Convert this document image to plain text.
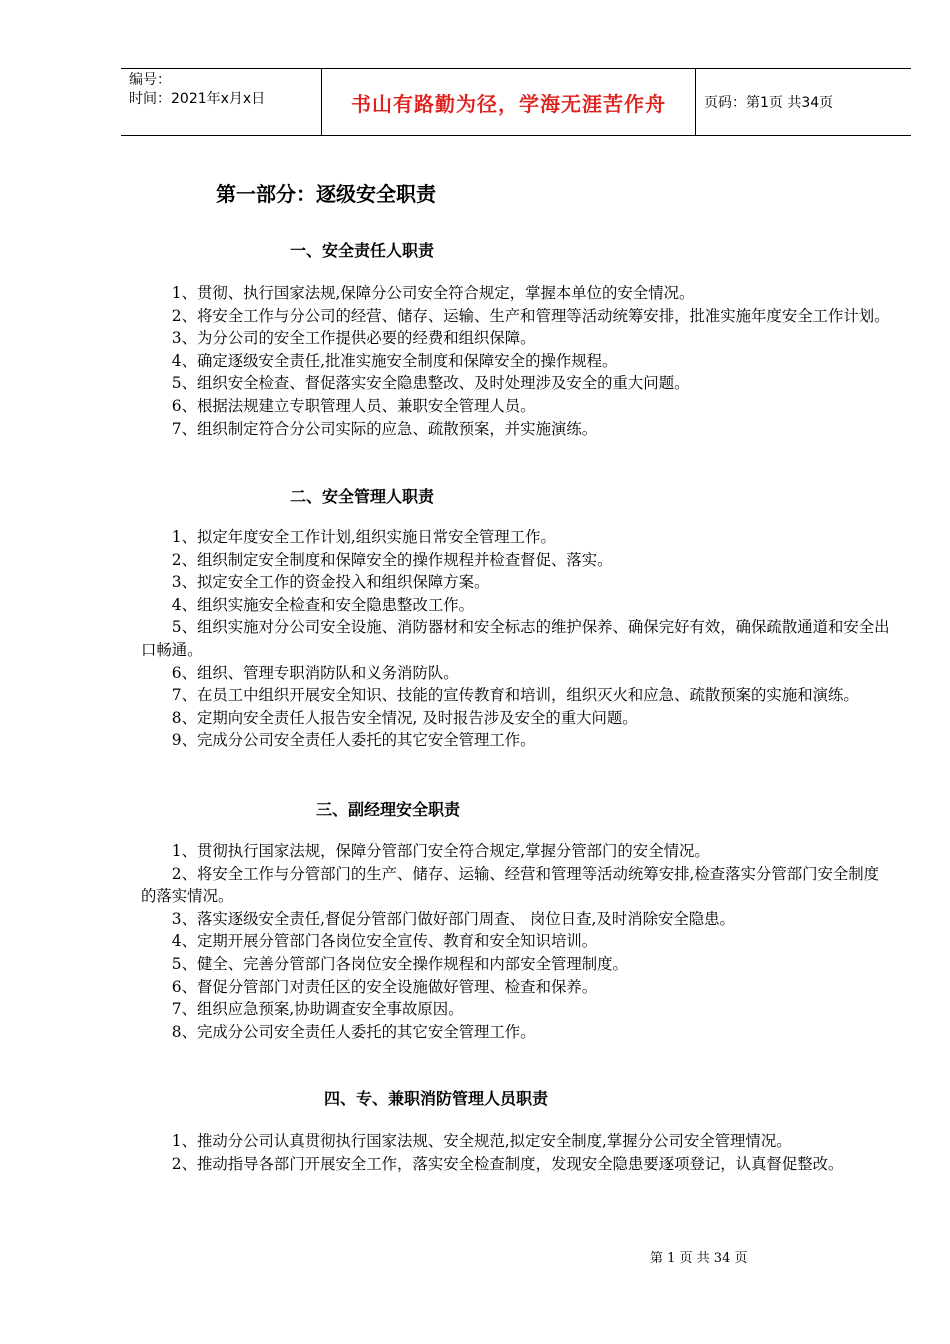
编号：
时间：2021年x月x日	书山有路勤为径，学海无涯苦作舟	页码：第1页 共34页
第一部分：逐级安全职责
一、安全责任人职责

1、贯彻、执行国家法规,保障分公司安全符合规定，掌握本单位的安全情况。

2、将安全工作与分公司的经营、储存、运输、生产和管理等活动统筹安排，批准实施年度安全工作计划。

3、为分公司的安全工作提供必要的经费和组织保障。

4、确定逐级安全责任,批准实施安全制度和保障安全的操作规程。

5、组织安全检查、督促落实安全隐患整改、及时处理涉及安全的重大问题。

6、根据法规建立专职管理人员、兼职安全管理人员。

7、组织制定符合分公司实际的应急、疏散预案，并实施演练。

二、安全管理人职责

1、拟定年度安全工作计划,组织实施日常安全管理工作。

2、组织制定安全制度和保障安全的操作规程并检查督促、落实。

3、拟定安全工作的资金投入和组织保障方案。

4、组织实施安全检查和安全隐患整改工作。

5、组织实施对分公司安全设施、消防器材和安全标志的维护保养、确保完好有效，确保疏散通道和安全出口畅通。

6、组织、管理专职消防队和义务消防队。

7、在员工中组织开展安全知识、技能的宣传教育和培训，组织灭火和应急、疏散预案的实施和演练。

8、定期向安全责任人报告安全情况, 及时报告涉及安全的重大问题。

9、完成分公司安全责任人委托的其它安全管理工作。

三、副经理安全职责

1、贯彻执行国家法规，保障分管部门安全符合规定,掌握分管部门的安全情况。

2、将安全工作与分管部门的生产、储存、运输、经营和管理等活动统筹安排,检查落实分管部门安全制度的落实情况。

3、落实逐级安全责任,督促分管部门做好部门周查、 岗位日查,及时消除安全隐患。

4、定期开展分管部门各岗位安全宣传、教育和安全知识培训。

5、健全、完善分管部门各岗位安全操作规程和内部安全管理制度。

6、督促分管部门对责任区的安全设施做好管理、检查和保养。

7、组织应急预案,协助调查安全事故原因。

8、完成分公司安全责任人委托的其它安全管理工作。

四、专、兼职消防管理人员职责

1、推动分公司认真贯彻执行国家法规、安全规范,拟定安全制度,掌握分公司安全管理情况。

2、推动指导各部门开展安全工作，落实安全检查制度，发现安全隐患要逐项登记，认真督促整改。

第 1 页 共 34 页
